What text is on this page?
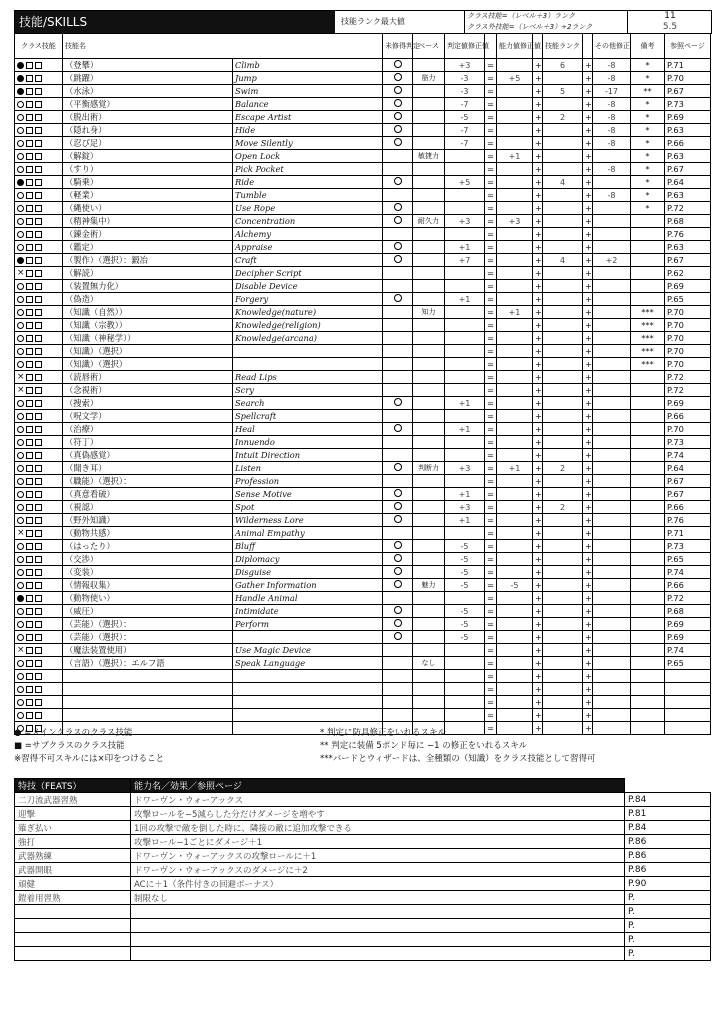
技能/SKILLS	技能ランク最大値
クラス技能=（レベル＋3）ランク
クラス外技能=（レベル＋3）÷2ランク
11
5.5
クラス技能	技能名		未修得判定	ベース	判定値修正値		能力値修正値		技能ランク		その他修正	備考	参照ページ
	（登攀）	Climb			+3	=		+	6	+	-8	*	P.71
	（跳躍）	Jump		筋力	-3	=	+5	+		+	-8	*	P.70
	（水泳）	Swim			-3	=		+	5	+	-17	**	P.67
	（平衡感覚）	Balance			-7	=		+		+	-8	*	P.73
	（脱出術）	Escape Artist			-5	=		+	2	+	-8	*	P.69
	（隠れ身）	Hide			-7	=		+		+	-8	*	P.63
	（忍び足）	Move Silently			-7	=		+		+	-8	*	P.66
	（解錠）	Open Lock		敏捷力		=	+1	+		+		*	P.63
	（すり）	Pick Pocket				=		+		+	-8	*	P.67
	（騎乗）	Ride			+5	=		+	4	+		*	P.64
	（軽業）	Tumble				=		+		+	-8	*	P.63
	（縄使い）	Use Rope				=		+		+		*	P.72
	（精神集中）	Concentration		耐久力	+3	=	+3	+		+			P.68
	（錬金術）	Alchemy				=		+		+			P.76
	（鑑定）	Appraise			+1	=		+		+			P.63
	（製作）（選択）：鍛冶	Craft			+7	=		+	4	+	+2		P.67
×	（解読）	Decipher Script				=		+		+			P.62
	（装置無力化）	Disable Device				=		+		+			P.69
	（偽造）	Forgery			+1	=		+		+			P.65
	（知識（自然））	Knowledge(nature)		知力		=	+1	+		+		***	P.70
	（知識（宗教））	Knowledge(religion)				=		+		+		***	P.70
	（知識（神秘学））	Knowledge(arcana)				=		+		+		***	P.70
	（知識）（選択）					=		+		+		***	P.70
	（知識）（選択）					=		+		+		***	P.70
×	（読唇術）	Read Lips				=		+		+			P.72
×	（念視術）	Scry				=		+		+			P.72
	（捜索）	Search			+1	=		+		+			P.69
	（呪文学）	Spellcraft				=		+		+			P.66
	（治療）	Heal			+1	=		+		+			P.70
	（符丁）	Innuendo				=		+		+			P.73
	（真偽感覚）	Intuit Direction				=		+		+			P.74
	（聞き耳）	Listen		判断力	+3	=	+1	+	2	+			P.64
	（職能）（選択）：	Profession				=		+		+			P.67
	（真意看破）	Sense Motive			+1	=		+		+			P.67
	（視認）	Spot			+3	=		+	2	+			P.66
	（野外知識）	Wilderness Lore			+1	=		+		+			P.76
×	（動物共感）	Animal Empathy				=		+		+			P.71
	（はったり）	Bluff			-5	=		+		+			P.73
	（交渉）	Diplomacy			-5	=		+		+			P.65
	（変装）	Disguise			-5	=		+		+			P.74
	（情報収集）	Gather Information		魅力	-5	=	-5	+		+			P.66
	（動物使い）	Handle Animal				=		+		+			P.72
	（威圧）	Intimidate			-5	=		+		+			P.68
	（芸能）（選択）：	Perform			-5	=		+		+			P.69
	（芸能）（選択）：				-5	=		+		+			P.69
×	（魔法装置使用）	Use Magic Device				=		+		+			P.74
	（言語）（選択）：エルフ語	Speak Language		なし		=		+		+			P.65
						=		+		+			
						=		+		+			
						=		+		+			
						=		+		+			
						=		+		+			
● =メインクラスのクラス技能
■ =サブクラスのクラス技能
※習得不可スキルには×印をつけること
* 判定に防具修正をいれるスキル
** 判定に装備 5ポンド毎に −1 の修正をいれるスキル
***バードとウィザードは、全種類の（知識）をクラス技能として習得可
特技（FEATS）	能力名／効果／参照ページ	
二刀流武器習熟	ドワーヴン・ウォーアックス	P.84
迎撃	攻撃ロールを−5減らした分だけダメージを増やす	P.81
薙ぎ払い	1回の攻撃で敵を倒した時に、隣接の敵に追加攻撃できる	P.84
強打	攻撃ロール−1ごとにダメージ＋1	P.86
武器熟練	ドワーヴン・ウォーアックスの攻撃ロールに＋1	P.86
武器開眼	ドワーヴン・ウォーアックスのダメージに＋2	P.86
頑健	ACに＋1（条件付きの回避ボーナス）	P.90
鎧着用習熟	制限なし	P.
		P.
		P.
		P.
		P.
